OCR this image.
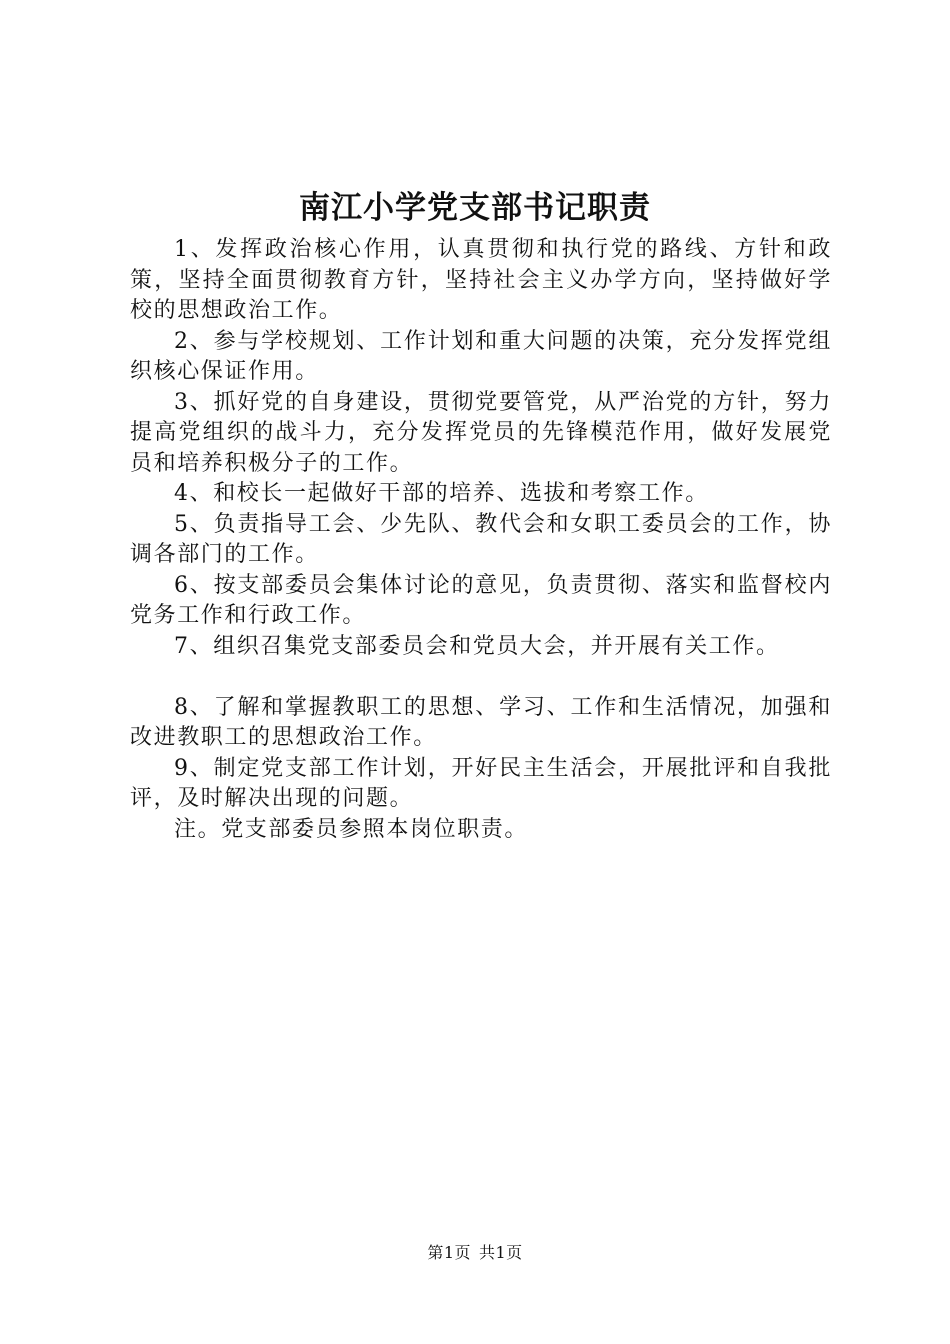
南江小学党支部书记职责

1、发挥政治核心作用，认真贯彻和执行党的路线、方针和政策，坚持全面贯彻教育方针，坚持社会主义办学方向，坚持做好学校的思想政治工作。

2、参与学校规划、工作计划和重大问题的决策，充分发挥党组织核心保证作用。

3、抓好党的自身建设，贯彻党要管党，从严治党的方针，努力提高党组织的战斗力，充分发挥党员的先锋模范作用，做好发展党员和培养积极分子的工作。

4、和校长一起做好干部的培养、选拔和考察工作。

5、负责指导工会、少先队、教代会和女职工委员会的工作，协调各部门的工作。

6、按支部委员会集体讨论的意见，负责贯彻、落实和监督校内党务工作和行政工作。

7、组织召集党支部委员会和党员大会，并开展有关工作。

8、了解和掌握教职工的思想、学习、工作和生活情况，加强和改进教职工的思想政治工作。

9、制定党支部工作计划，开好民主生活会，开展批评和自我批评，及时解决出现的问题。

注。党支部委员参照本岗位职责。

第1页 共1页
